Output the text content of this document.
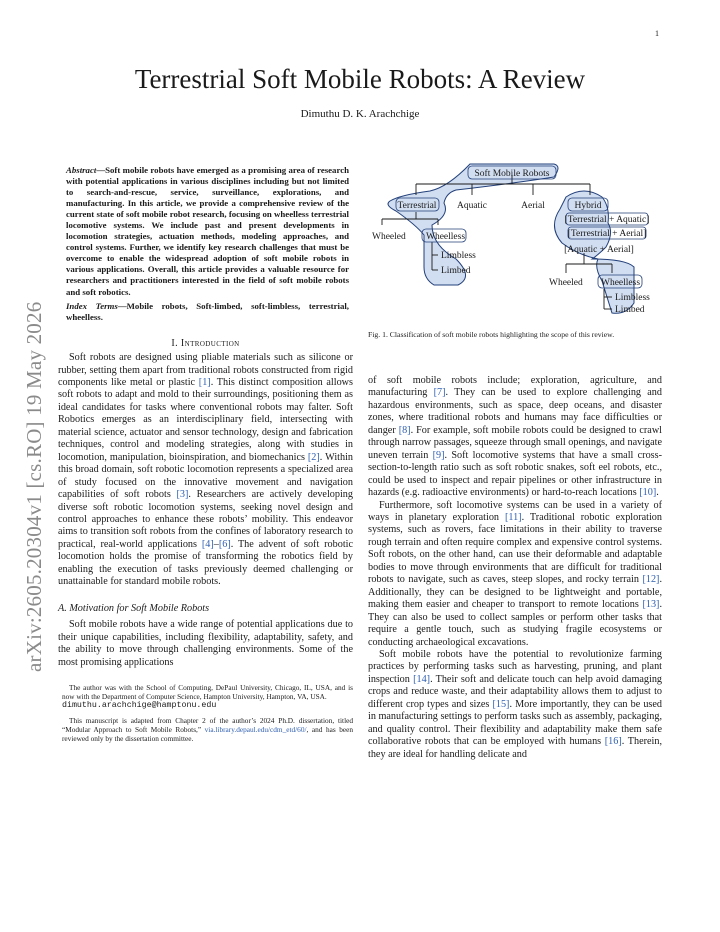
1
arXiv:2605.20304v1 [cs.RO] 19 May 2026
Terrestrial Soft Mobile Robots: A Review
Dimuthu D. K. Arachchige

Abstract—Soft mobile robots have emerged as a promising area of research with potential applications in various disciplines including but not limited to search-and-rescue, service, surveillance, explorations, and manufacturing. In this article, we provide a comprehensive review of the current state of soft mobile robot research, focusing on wheelless terrestrial locomotive systems. We include past and present developments in locomotion strategies, actuation methods, modeling approaches, and control systems. Further, we identify key research challenges that must be overcome to enable the widespread adoption of soft mobile robots in various applications. Overall, this article provides a valuable resource for researchers and practitioners interested in the field of soft mobile robots and soft robotics.

Index Terms—Mobile robots, Soft-limbed, soft-limbless, terrestrial, wheelless.

I. Introduction

Soft robots are designed using pliable materials such as silicone or rubber, setting them apart from traditional robots constructed from rigid components like metal or plastic [1]. This distinct composition allows soft robots to adapt and mold to their surroundings, positioning them as ideal candidates for tasks where conventional robots may falter. Soft Robotics emerges as an interdisciplinary field, intersecting with material science, actuator and sensor technology, design and fabrication techniques, control and modeling strategies, along with studies in locomotion, manipulation, bioinspiration, and biomechanics [2]. Within this broad domain, soft robotic locomotion represents a specialized area of study focused on the innovative movement and navigation capabilities of soft robots [3]. Researchers are actively developing diverse soft robotic locomotion systems, seeking novel design and control approaches to enhance these robots’ mobility. This endeavor aims to transition soft robots from the confines of laboratory research to practical, real-world applications [4]–[6]. The advent of soft robotic locomotion holds the promise of transforming the robotics field by enabling the execution of tasks previously deemed challenging or unattainable for standard mobile robots.

A. Motivation for Soft Mobile Robots

Soft mobile robots have a wide range of potential applications due to their unique capabilities, including flexibility, adaptability, safety, and the ability to move through challenging environments. Some of the most promising applications

The author was with the School of Computing, DePaul University, Chicago, IL, USA, and is now with the Department of Computer Science, Hampton University, Hampton, VA, USA.
dimuthu.arachchige@hamptonu.edu

This manuscript is adapted from Chapter 2 of the author’s 2024 Ph.D. dissertation, titled “Modular Approach to Soft Mobile Robots,” via.library.depaul.edu/cdm_etd/60/, and has been reviewed only by the dissertation committee.

Soft Mobile Robots
Terrestrial Aquatic	Aerial	Hybrid
[Terrestrial + Aquatic]
[Terrestrial + Aerial]
[Aquatic + Aerial]
Wheeled Wheelless
Limbless
Limbed
Wheeled Wheelless
Limbless
Limbed
Fig. 1. Classification of soft mobile robots highlighting the scope of this review.

of soft mobile robots include; exploration, agriculture, and manufacturing [7]. They can be used to explore challenging and hazardous environments, such as space, deep oceans, and disaster zones, where traditional robots and humans may face difficulties or danger [8]. For example, soft mobile robots could be designed to crawl through narrow passages, squeeze through small openings, and navigate uneven terrain [9]. Soft locomotive systems that have a small cross-section-to-length ratio such as soft robotic snakes, soft eel robots, etc., could be used to inspect and repair pipelines or other infrastructure in hazards (e.g. radioactive environments) or hard-to-reach locations [10].

Furthermore, soft locomotive systems can be used in a variety of ways in planetary exploration [11]. Traditional robotic exploration systems, such as rovers, face limitations in their ability to traverse rough terrain and often require complex and expensive control systems. Soft robots, on the other hand, can use their deformable and adaptable bodies to move through environments that are difficult for traditional robots to navigate, such as caves, steep slopes, and rocky terrain [12]. Additionally, they can be designed to be lightweight and portable, making them easier and cheaper to transport to remote locations [13]. They can also be used to collect samples or perform other tasks that require a gentle touch, such as studying fragile ecosystems or conducting archaeological excavations.

Soft mobile robots have the potential to revolutionize farming practices by performing tasks such as harvesting, pruning, and plant inspection [14]. Their soft and delicate touch can help avoid damaging crops and reduce waste, and their adaptability allows them to adjust to different crop types and sizes [15]. More importantly, they can be used in manufacturing settings to perform tasks such as assembly, packaging, and quality control. Their flexibility and adaptability make them safe collaborative robots that can be employed with humans [16]. Therein, they are ideal for handling delicate and
